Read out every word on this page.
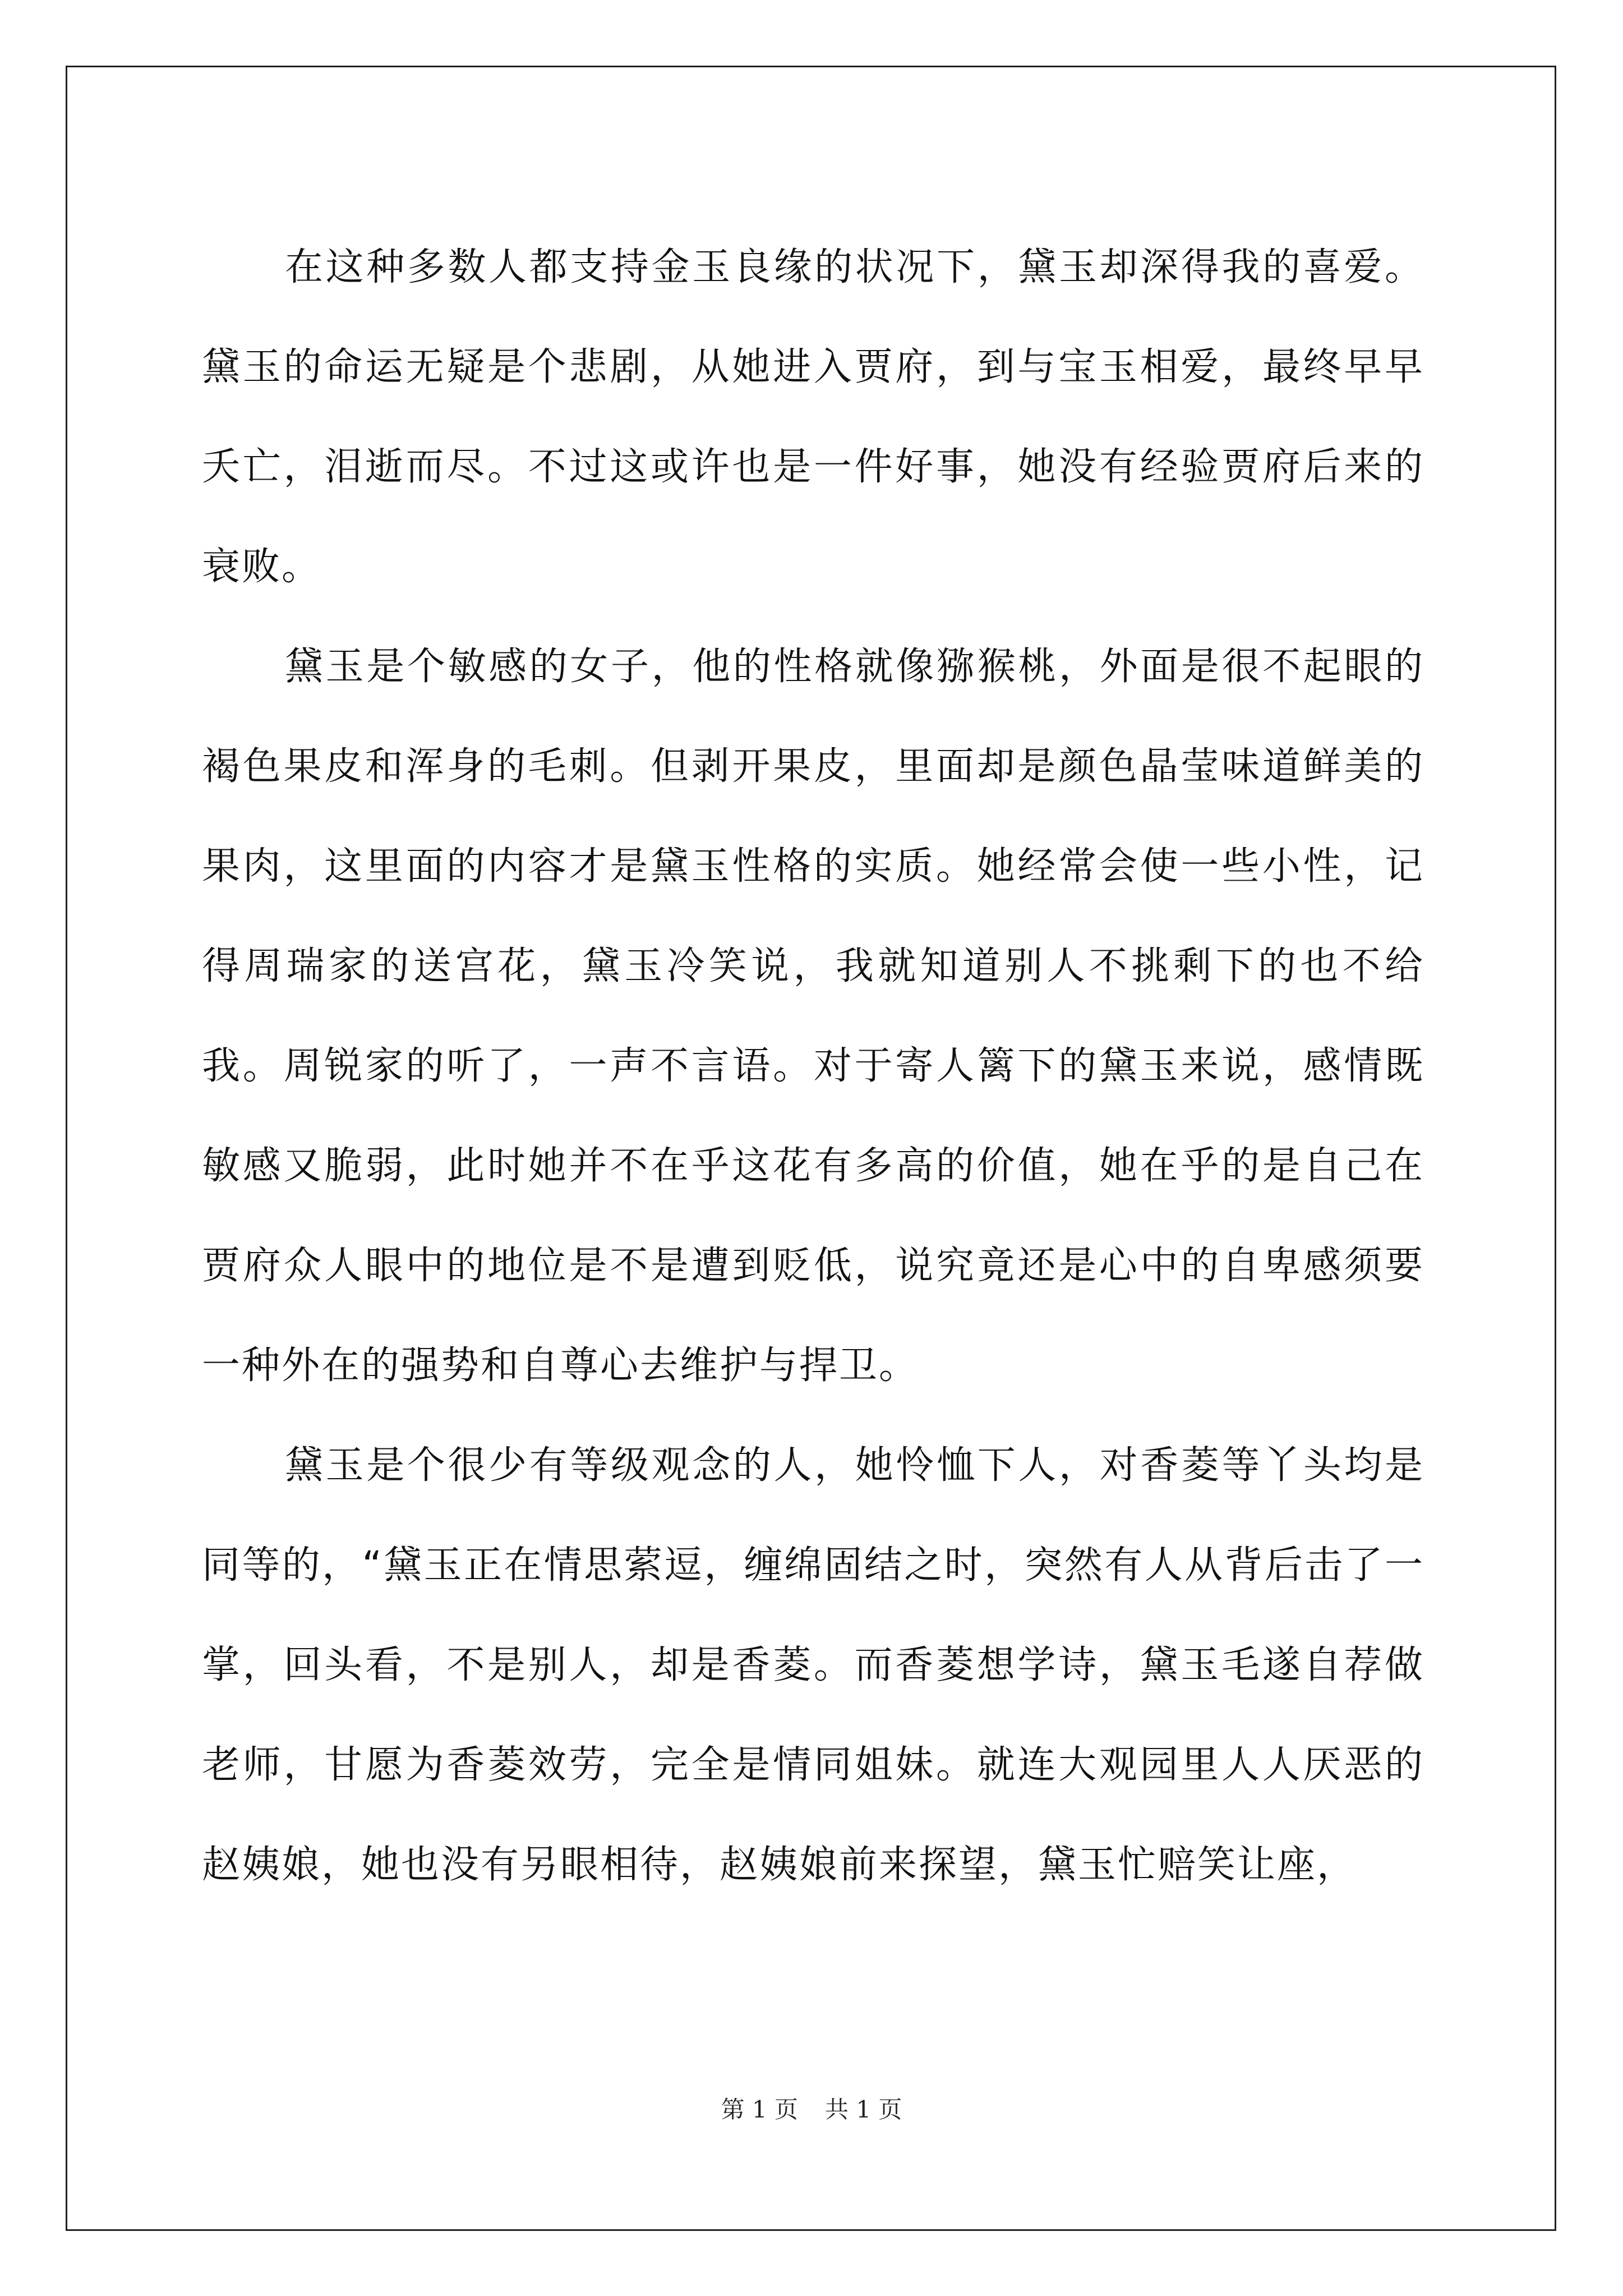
在这种多数人都支持金玉良缘的状况下，黛玉却深得我的喜爱。黛玉的命运无疑是个悲剧，从她进入贾府，到与宝玉相爱，最终早早夭亡，泪逝而尽。不过这或许也是一件好事，她没有经验贾府后来的衰败。

黛玉是个敏感的女子，他的性格就像猕猴桃，外面是很不起眼的褐色果皮和浑身的毛刺。但剥开果皮，里面却是颜色晶莹味道鲜美的果肉，这里面的内容才是黛玉性格的实质。她经常会使一些小性，记得周瑞家的送宫花，黛玉冷笑说，我就知道别人不挑剩下的也不给我。周锐家的听了，一声不言语。对于寄人篱下的黛玉来说，感情既敏感又脆弱，此时她并不在乎这花有多高的价值，她在乎的是自己在贾府众人眼中的地位是不是遭到贬低，说究竟还是心中的自卑感须要一种外在的强势和自尊心去维护与捍卫。

黛玉是个很少有等级观念的人，她怜恤下人，对香菱等丫头均是同等的，“黛玉正在情思萦逗，缠绵固结之时，突然有人从背后击了一掌，回头看，不是别人，却是香菱。而香菱想学诗，黛玉毛遂自荐做老师，甘愿为香菱效劳，完全是情同姐妹。就连大观园里人人厌恶的赵姨娘，她也没有另眼相待，赵姨娘前来探望，黛玉忙赔笑让座，

第 1 页 共 1 页
